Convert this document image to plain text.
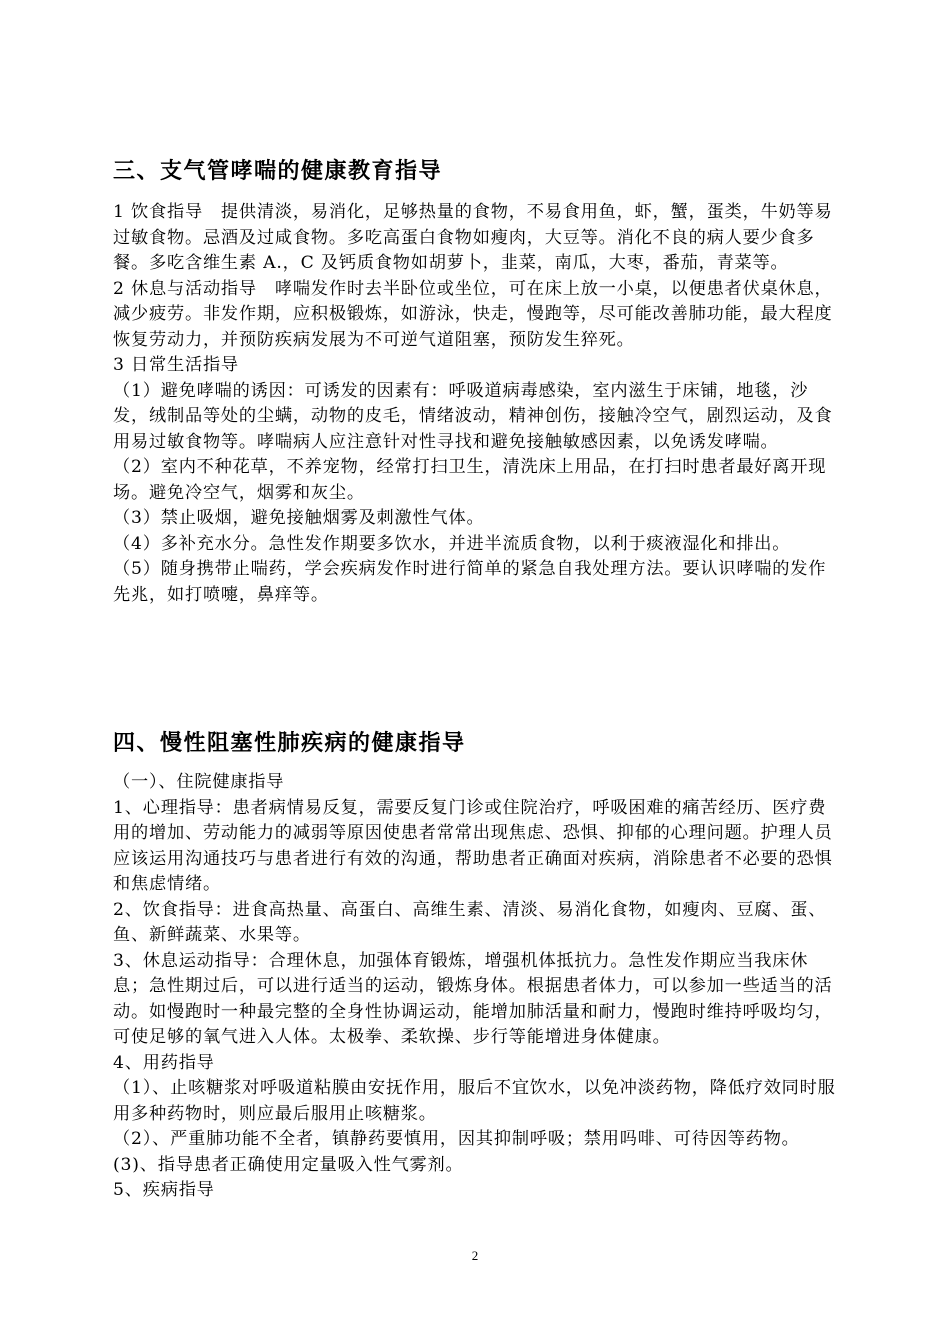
三、支气管哮喘的健康教育指导

1 饮食指导　提供清淡，易消化，足够热量的食物，不易食用鱼，虾，蟹，蛋类，牛奶等易过敏食物。忌酒及过咸食物。多吃高蛋白食物如瘦肉，大豆等。消化不良的病人要少食多餐。多吃含维生素 A.，C 及钙质食物如胡萝卜，韭菜，南瓜，大枣，番茄，青菜等。

2 休息与活动指导　哮喘发作时去半卧位或坐位，可在床上放一小桌，以便患者伏桌休息，减少疲劳。非发作期，应积极锻炼，如游泳，快走，慢跑等，尽可能改善肺功能，最大程度恢复劳动力，并预防疾病发展为不可逆气道阻塞，预防发生猝死。

3 日常生活指导

（1）避免哮喘的诱因：可诱发的因素有：呼吸道病毒感染，室内滋生于床铺，地毯，沙发，绒制品等处的尘螨，动物的皮毛，情绪波动，精神创伤，接触冷空气，剧烈运动，及食用易过敏食物等。哮喘病人应注意针对性寻找和避免接触敏感因素，以免诱发哮喘。

（2）室内不种花草，不养宠物，经常打扫卫生，清洗床上用品，在打扫时患者最好离开现场。避免冷空气，烟雾和灰尘。

（3）禁止吸烟，避免接触烟雾及刺激性气体。

（4）多补充水分。急性发作期要多饮水，并进半流质食物，以利于痰液湿化和排出。

（5）随身携带止喘药，学会疾病发作时进行简单的紧急自我处理方法。要认识哮喘的发作先兆，如打喷嚏，鼻痒等。

四、慢性阻塞性肺疾病的健康指导

（一）、住院健康指导

1、心理指导：患者病情易反复，需要反复门诊或住院治疗，呼吸困难的痛苦经历、医疗费用的增加、劳动能力的减弱等原因使患者常常出现焦虑、恐惧、抑郁的心理问题。护理人员应该运用沟通技巧与患者进行有效的沟通，帮助患者正确面对疾病，消除患者不必要的恐惧和焦虑情绪。

2、饮食指导：进食高热量、高蛋白、高维生素、清淡、易消化食物，如瘦肉、豆腐、蛋、鱼、新鲜蔬菜、水果等。

3、休息运动指导：合理休息，加强体育锻炼，增强机体抵抗力。急性发作期应当我床休息；急性期过后，可以进行适当的运动，锻炼身体。根据患者体力，可以参加一些适当的活动。如慢跑时一种最完整的全身性协调运动，能增加肺活量和耐力，慢跑时维持呼吸均匀，可使足够的氧气进入人体。太极拳、柔软操、步行等能增进身体健康。

4、用药指导

（1）、止咳糖浆对呼吸道粘膜由安抚作用，服后不宜饮水，以免冲淡药物，降低疗效同时服用多种药物时，则应最后服用止咳糖浆。

（2）、严重肺功能不全者，镇静药要慎用，因其抑制呼吸；禁用吗啡、可待因等药物。

(3)、指导患者正确使用定量吸入性气雾剂。

5、疾病指导

2
